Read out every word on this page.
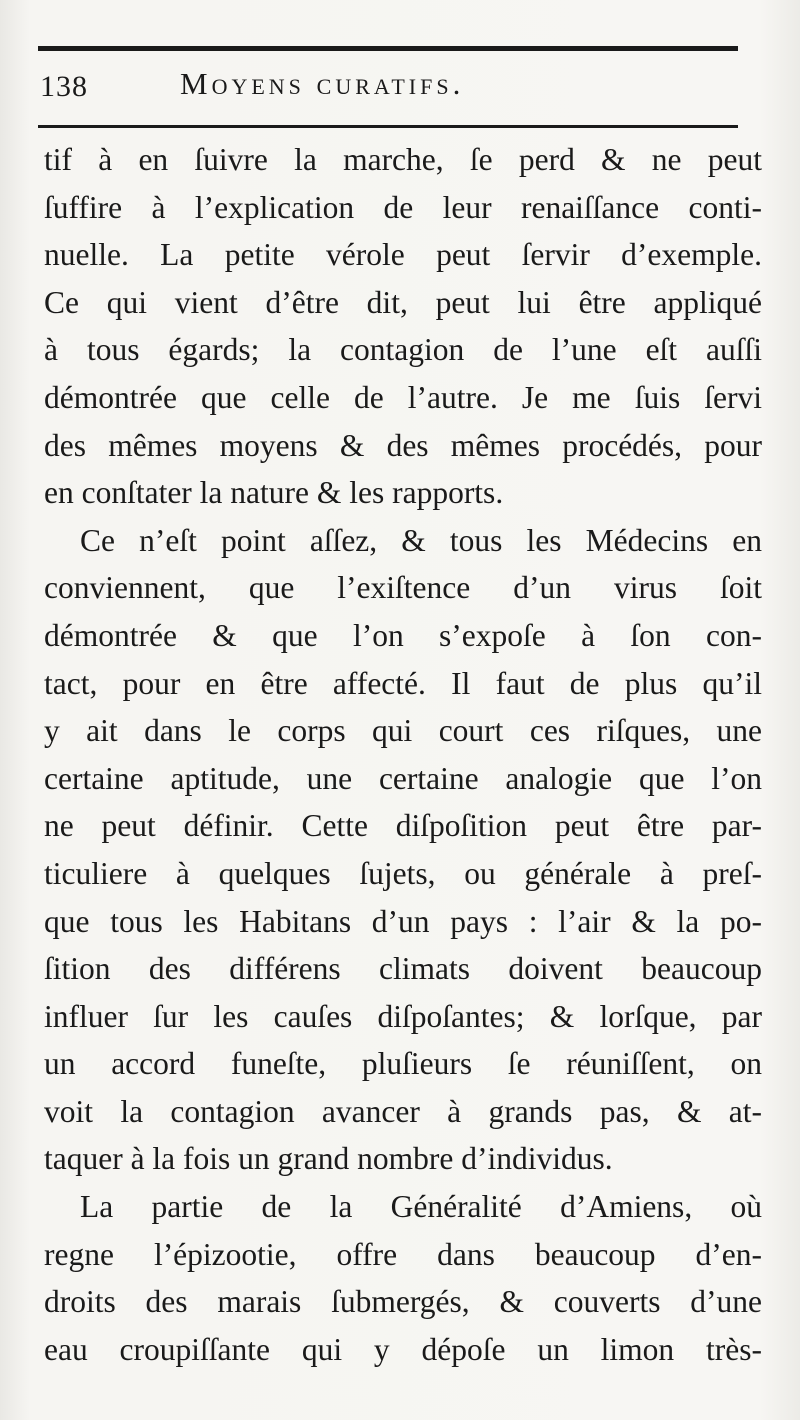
138	Moyens curatifs.
tif à en ſuivre la marche, ſe perd & ne peut
ſuffire à l’explication de leur renaiſſance conti-
nuelle. La petite vérole peut ſervir d’exemple.
Ce qui vient d’être dit, peut lui être appliqué
à tous égards; la contagion de l’une eſt auſſi
démontrée que celle de l’autre. Je me ſuis ſervi
des mêmes moyens & des mêmes procédés, pour
en conſtater la nature & les rapports.
Ce n’eſt point aſſez, & tous les Médecins en
conviennent, que l’exiſtence d’un virus ſoit
démontrée & que l’on s’expoſe à ſon con-
tact, pour en être affecté. Il faut de plus qu’il
y ait dans le corps qui court ces riſques, une
certaine aptitude, une certaine analogie que l’on
ne peut définir. Cette diſpoſition peut être par-
ticuliere à quelques ſujets, ou générale à preſ-
que tous les Habitans d’un pays : l’air & la po-
ſition des différens climats doivent beaucoup
influer ſur les cauſes diſpoſantes; & lorſque, par
un accord funeſte, pluſieurs ſe réuniſſent, on
voit la contagion avancer à grands pas, & at-
taquer à la fois un grand nombre d’individus.
La partie de la Généralité d’Amiens, où
regne l’épizootie, offre dans beaucoup d’en-
droits des marais ſubmergés, & couverts d’une
eau croupiſſante qui y dépoſe un limon très-
